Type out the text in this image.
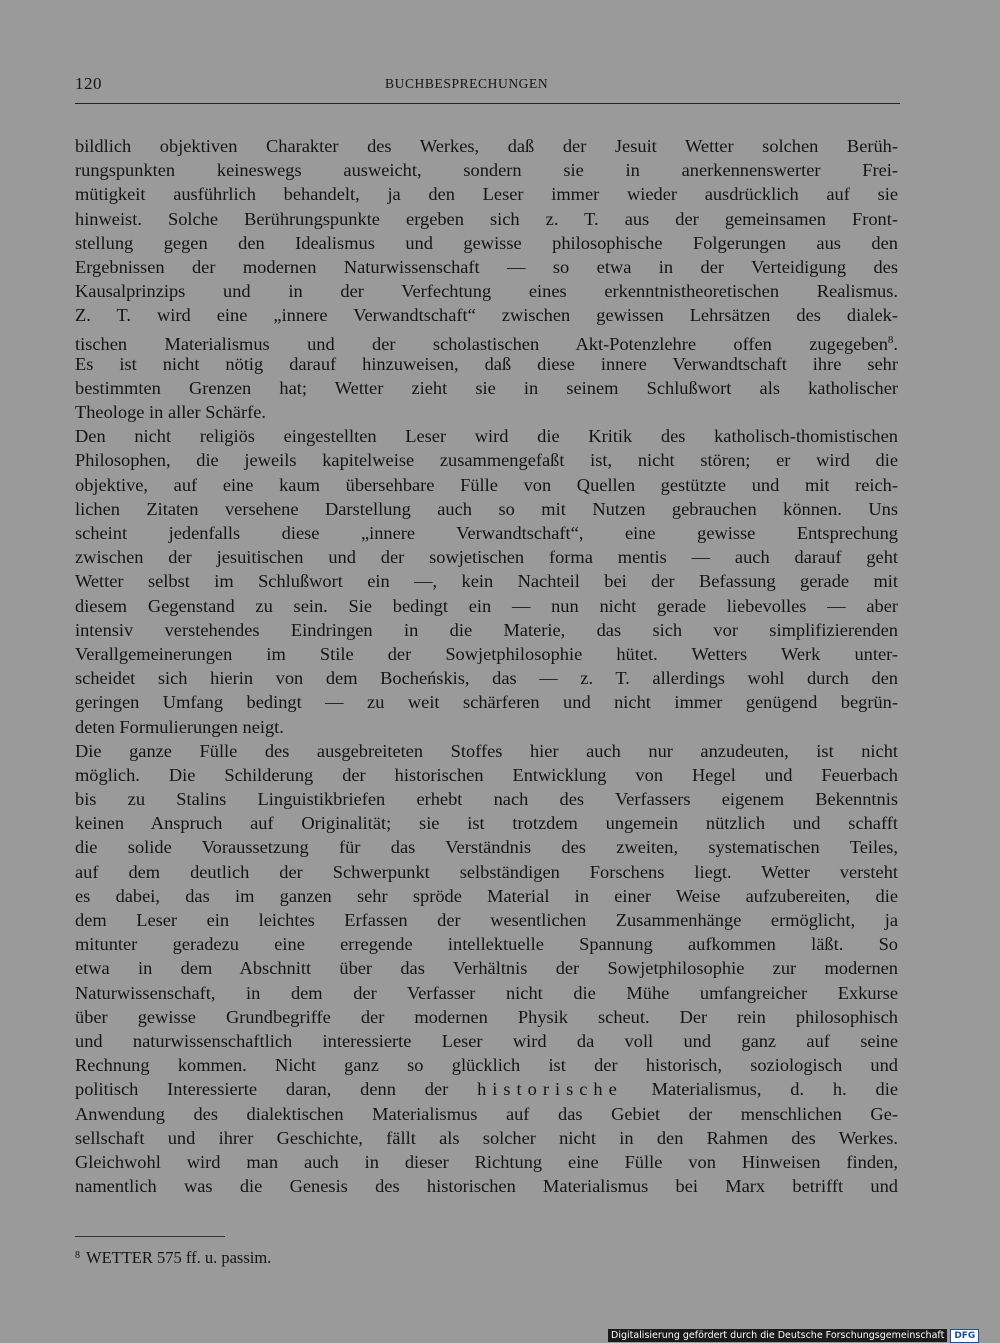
120	BUCHBESPRECHUNGEN
bildlich objektiven Charakter des Werkes, daß der Jesuit Wetter solchen Berüh-
rungspunkten keineswegs ausweicht, sondern sie in anerkennenswerter Frei-
mütigkeit ausführlich behandelt, ja den Leser immer wieder ausdrücklich auf sie
hinweist. Solche Berührungspunkte ergeben sich z. T. aus der gemeinsamen Front-
stellung gegen den Idealismus und gewisse philosophische Folgerungen aus den
Ergebnissen der modernen Naturwissenschaft — so etwa in der Verteidigung des
Kausalprinzips und in der Verfechtung eines erkenntnistheoretischen Realismus.
Z. T. wird eine „innere Verwandtschaft“ zwischen gewissen Lehrsätzen des dialek-
tischen Materialismus und der scholastischen Akt-Potenzlehre offen zugegeben$^8$.
Es ist nicht nötig darauf hinzuweisen, daß diese innere Verwandtschaft ihre sehr
bestimmten Grenzen hat; Wetter zieht sie in seinem Schlußwort als katholischer
Theologe in aller Schärfe.
Den nicht religiös eingestellten Leser wird die Kritik des katholisch-thomistischen
Philosophen, die jeweils kapitelweise zusammengefaßt ist, nicht stören; er wird die
objektive, auf eine kaum übersehbare Fülle von Quellen gestützte und mit reich-
lichen Zitaten versehene Darstellung auch so mit Nutzen gebrauchen können. Uns
scheint jedenfalls diese „innere Verwandtschaft“, eine gewisse Entsprechung
zwischen der jesuitischen und der sowjetischen forma mentis — auch darauf geht
Wetter selbst im Schlußwort ein —, kein Nachteil bei der Befassung gerade mit
diesem Gegenstand zu sein. Sie bedingt ein — nun nicht gerade liebevolles — aber
intensiv verstehendes Eindringen in die Materie, das sich vor simplifizierenden
Verallgemeinerungen im Stile der Sowjetphilosophie hütet. Wetters Werk unter-
scheidet sich hierin von dem Bocheńskis, das — z. T. allerdings wohl durch den
geringen Umfang bedingt — zu weit schärferen und nicht immer genügend begrün-
deten Formulierungen neigt.
Die ganze Fülle des ausgebreiteten Stoffes hier auch nur anzudeuten, ist nicht
möglich. Die Schilderung der historischen Entwicklung von Hegel und Feuerbach
bis zu Stalins Linguistikbriefen erhebt nach des Verfassers eigenem Bekenntnis
keinen Anspruch auf Originalität; sie ist trotzdem ungemein nützlich und schafft
die solide Voraussetzung für das Verständnis des zweiten, systematischen Teiles,
auf dem deutlich der Schwerpunkt selbständigen Forschens liegt. Wetter versteht
es dabei, das im ganzen sehr spröde Material in einer Weise aufzubereiten, die
dem Leser ein leichtes Erfassen der wesentlichen Zusammenhänge ermöglicht, ja
mitunter geradezu eine erregende intellektuelle Spannung aufkommen läßt. So
etwa in dem Abschnitt über das Verhältnis der Sowjetphilosophie zur modernen
Naturwissenschaft, in dem der Verfasser nicht die Mühe umfangreicher Exkurse
über gewisse Grundbegriffe der modernen Physik scheut. Der rein philosophisch
und naturwissenschaftlich interessierte Leser wird da voll und ganz auf seine
Rechnung kommen. Nicht ganz so glücklich ist der historisch, soziologisch und
politisch Interessierte daran, denn der historische Materialismus, d. h. die
Anwendung des dialektischen Materialismus auf das Gebiet der menschlichen Ge-
sellschaft und ihrer Geschichte, fällt als solcher nicht in den Rahmen des Werkes.
Gleichwohl wird man auch in dieser Richtung eine Fülle von Hinweisen finden,
namentlich was die Genesis des historischen Materialismus bei Marx betrifft und
$^8$ WETTER 575 ff. u. passim.
Digitalisierung gefördert durch die Deutsche Forschungsgemeinschaft	DFG
